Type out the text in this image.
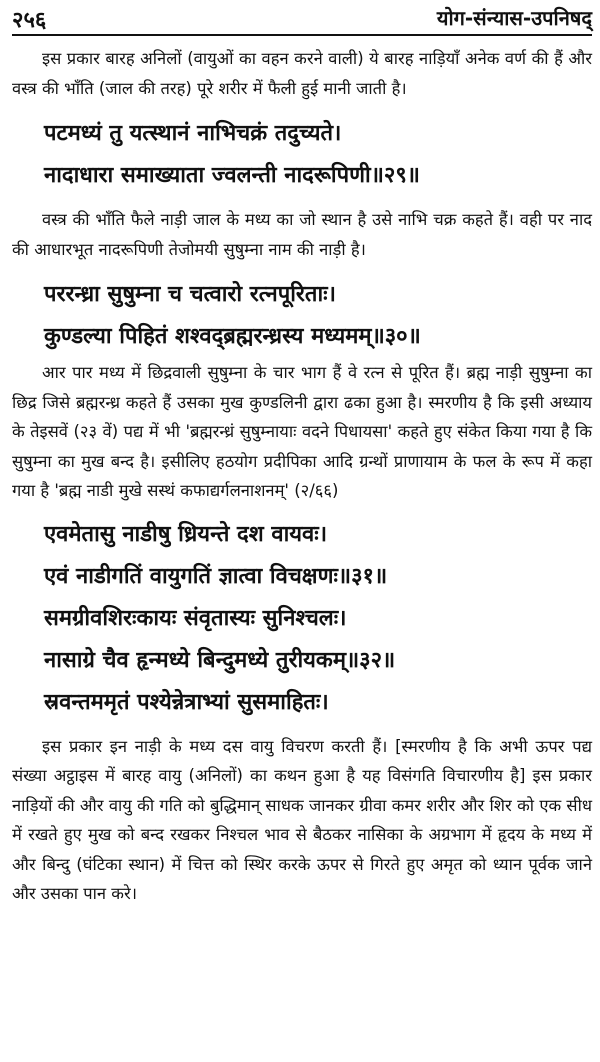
२५६	योग-संन्यास-उपनिषद्

इस प्रकार बारह अनिलों (वायुओं का वहन करने वाली) ये बारह नाड़ियाँ अनेक वर्ण की हैं और वस्त्र की भाँति (जाल की तरह) पूरे शरीर में फैली हुई मानी जाती है।

पटमध्यं तु यत्स्थानं नाभिचक्रं तदुच्यते।

नादाधारा समाख्याता ज्वलन्ती नादरूपिणी॥२९॥

वस्त्र की भाँति फैले नाड़ी जाल के मध्य का जो स्थान है उसे नाभि चक्र कहते हैं। वही पर नाद की आधारभूत नादरूपिणी तेजोमयी सुषुम्ना नाम की नाड़ी है।

पररन्ध्रा सुषुम्ना च चत्वारो रत्नपूरिताः।

कुण्डल्या पिहितं शश्वद्ब्रह्मरन्ध्रस्य मध्यमम्॥३०॥

आर पार मध्य में छिद्रवाली सुषुम्ना के चार भाग हैं वे रत्न से पूरित हैं। ब्रह्म नाड़ी सुषुम्ना का छिद्र जिसे ब्रह्मरन्ध्र कहते हैं उसका मुख कुण्डलिनी द्वारा ढका हुआ है। स्मरणीय है कि इसी अध्याय के तेइसवें (२३ वें) पद्य में भी 'ब्रह्मरन्ध्रं सुषुम्नायाः वदने पिधायसा' कहते हुए संकेत किया गया है कि सुषुम्ना का मुख बन्द है। इसीलिए हठयोग प्रदीपिका आदि ग्रन्थों प्राणायाम के फल के रूप में कहा गया है 'ब्रह्म नाडी मुखे सस्थं कफाद्यर्गलनाशनम्' (२/६६)

एवमेतासु नाडीषु ध्रियन्ते दश वायवः।

एवं नाडीगतिं वायुगतिं ज्ञात्वा विचक्षणः॥३१॥

समग्रीवशिरःकायः संवृतास्यः सुनिश्चलः।

नासाग्रे चैव हृन्मध्ये बिन्दुमध्ये तुरीयकम्॥३२॥

स्रवन्तममृतं पश्येन्नेत्राभ्यां सुसमाहितः।

इस प्रकार इन नाड़ी के मध्य दस वायु विचरण करती हैं। [स्मरणीय है कि अभी ऊपर पद्य संख्या अट्ठाइस में बारह वायु (अनिलों) का कथन हुआ है यह विसंगति विचारणीय है] इस प्रकार नाड़ियों की और वायु की गति को बुद्धिमान् साधक जानकर ग्रीवा कमर शरीर और शिर को एक सीध में रखते हुए मुख को बन्द रखकर निश्चल भाव से बैठकर नासिका के अग्रभाग में हृदय के मध्य में और बिन्दु (घंटिका स्थान) में चित्त को स्थिर करके ऊपर से गिरते हुए अमृत को ध्यान पूर्वक जाने और उसका पान करे।
